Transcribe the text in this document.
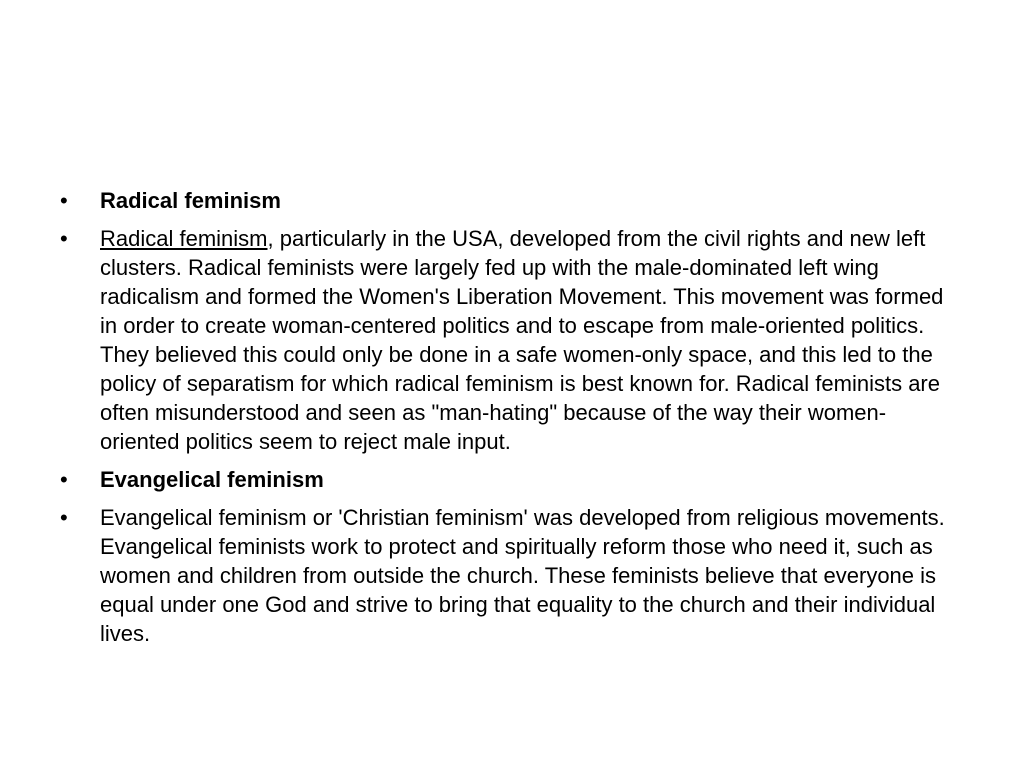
• Radical feminism
• Radical feminism, particularly in the USA, developed from the civil rights and new left clusters. Radical feminists were largely fed up with the male-dominated left wing radicalism and formed the Women's Liberation Movement. This movement was formed in order to create woman-centered politics and to escape from male-oriented politics. They believed this could only be done in a safe women-only space, and this led to the policy of separatism for which radical feminism is best known for. Radical feminists are often misunderstood and seen as "man-hating" because of the way their women-oriented politics seem to reject male input.
• Evangelical feminism
• Evangelical feminism or 'Christian feminism' was developed from religious movements. Evangelical feminists work to protect and spiritually reform those who need it, such as women and children from outside the church. These feminists believe that everyone is equal under one God and strive to bring that equality to the church and their individual lives.
